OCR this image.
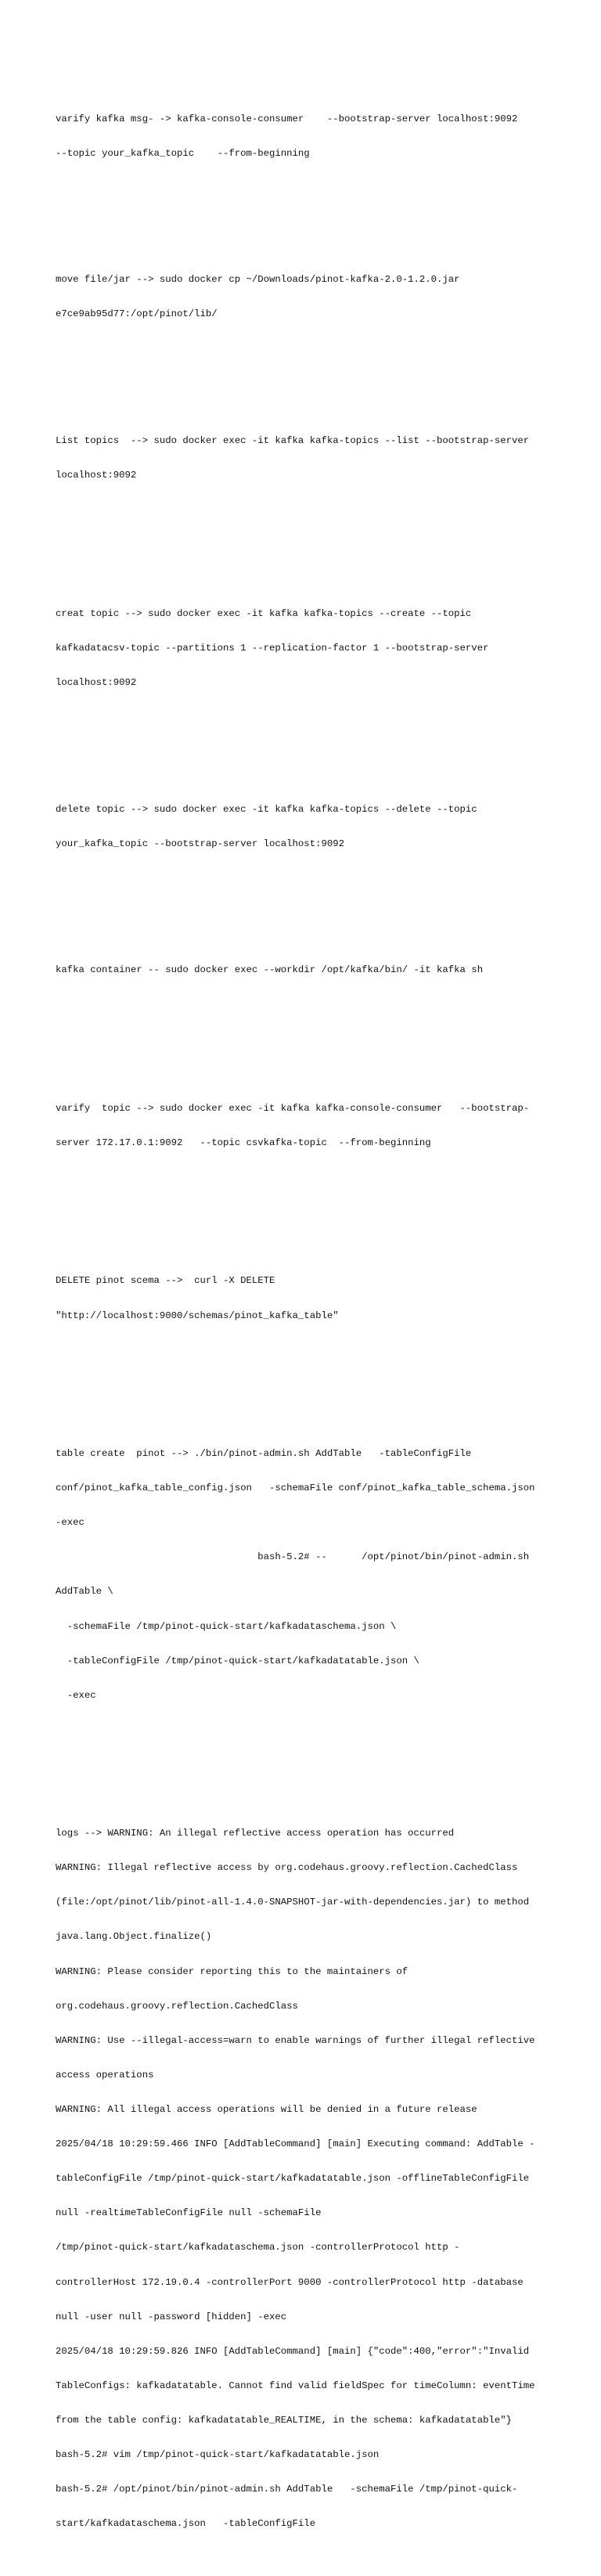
varify kafka msg- -> kafka-console-consumer    --bootstrap-server localhost:9092

--topic your_kafka_topic    --from-beginning

move file/jar --> sudo docker cp ~/Downloads/pinot-kafka-2.0-1.2.0.jar

e7ce9ab95d77:/opt/pinot/lib/

List topics  --> sudo docker exec -it kafka kafka-topics --list --bootstrap-server

localhost:9092

creat topic --> sudo docker exec -it kafka kafka-topics --create --topic

kafkadatacsv-topic --partitions 1 --replication-factor 1 --bootstrap-server

localhost:9092

delete topic --> sudo docker exec -it kafka kafka-topics --delete --topic

your_kafka_topic --bootstrap-server localhost:9092

kafka container -- sudo docker exec --workdir /opt/kafka/bin/ -it kafka sh

varify  topic --> sudo docker exec -it kafka kafka-console-consumer   --bootstrap-

server 172.17.0.1:9092   --topic csvkafka-topic  --from-beginning

DELETE pinot scema -->  curl -X DELETE

"http://localhost:9000/schemas/pinot_kafka_table"

table create  pinot --> ./bin/pinot-admin.sh AddTable   -tableConfigFile

conf/pinot_kafka_table_config.json   -schemaFile conf/pinot_kafka_table_schema.json

-exec

bash-5.2# --      /opt/pinot/bin/pinot-admin.sh

AddTable \

-schemaFile /tmp/pinot-quick-start/kafkadataschema.json \

-tableConfigFile /tmp/pinot-quick-start/kafkadatatable.json \

-exec

logs --> WARNING: An illegal reflective access operation has occurred

WARNING: Illegal reflective access by org.codehaus.groovy.reflection.CachedClass

(file:/opt/pinot/lib/pinot-all-1.4.0-SNAPSHOT-jar-with-dependencies.jar) to method

java.lang.Object.finalize()

WARNING: Please consider reporting this to the maintainers of

org.codehaus.groovy.reflection.CachedClass

WARNING: Use --illegal-access=warn to enable warnings of further illegal reflective

access operations

WARNING: All illegal access operations will be denied in a future release

2025/04/18 10:29:59.466 INFO [AddTableCommand] [main] Executing command: AddTable -

tableConfigFile /tmp/pinot-quick-start/kafkadatatable.json -offlineTableConfigFile

null -realtimeTableConfigFile null -schemaFile

/tmp/pinot-quick-start/kafkadataschema.json -controllerProtocol http -

controllerHost 172.19.0.4 -controllerPort 9000 -controllerProtocol http -database

null -user null -password [hidden] -exec

2025/04/18 10:29:59.826 INFO [AddTableCommand] [main] {"code":400,"error":"Invalid

TableConfigs: kafkadatatable. Cannot find valid fieldSpec for timeColumn: eventTime

from the table config: kafkadatatable_REALTIME, in the schema: kafkadatatable"}

bash-5.2# vim /tmp/pinot-quick-start/kafkadatatable.json

bash-5.2# /opt/pinot/bin/pinot-admin.sh AddTable   -schemaFile /tmp/pinot-quick-

start/kafkadataschema.json   -tableConfigFile
